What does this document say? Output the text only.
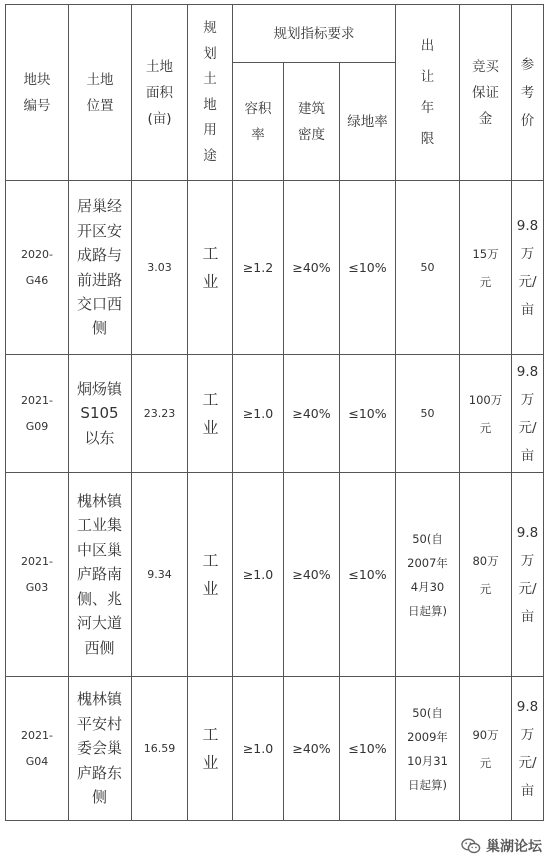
地块编号	土地位置	土地面积(亩)	规划土地用途	规划指标要求			出让年限	竞买保证金	参考价

				容积率	建筑密度	绿地率			

2020-G46	居巢经开区安成路与前进路交口西侧	3.03	工业	≥1.2	≥40%	≤10%	50	15万元	9.8万元/亩

2021-G09	烔炀镇S105以东	23.23	工业	≥1.0	≥40%	≤10%	50	100万元	9.8万元/亩

2021-G03	槐林镇工业集中区巢庐路南侧、兆河大道西侧	9.34	工业	≥1.0	≥40%	≤10%	50(自2007年4月30日起算)	80万元	9.8万元/亩

2021-G04	槐林镇平安村委会巢庐路东侧	16.59	工业	≥1.0	≥40%	≤10%	50(自2009年10月31日起算)	90万元	9.8万元/亩
巢湖论坛
